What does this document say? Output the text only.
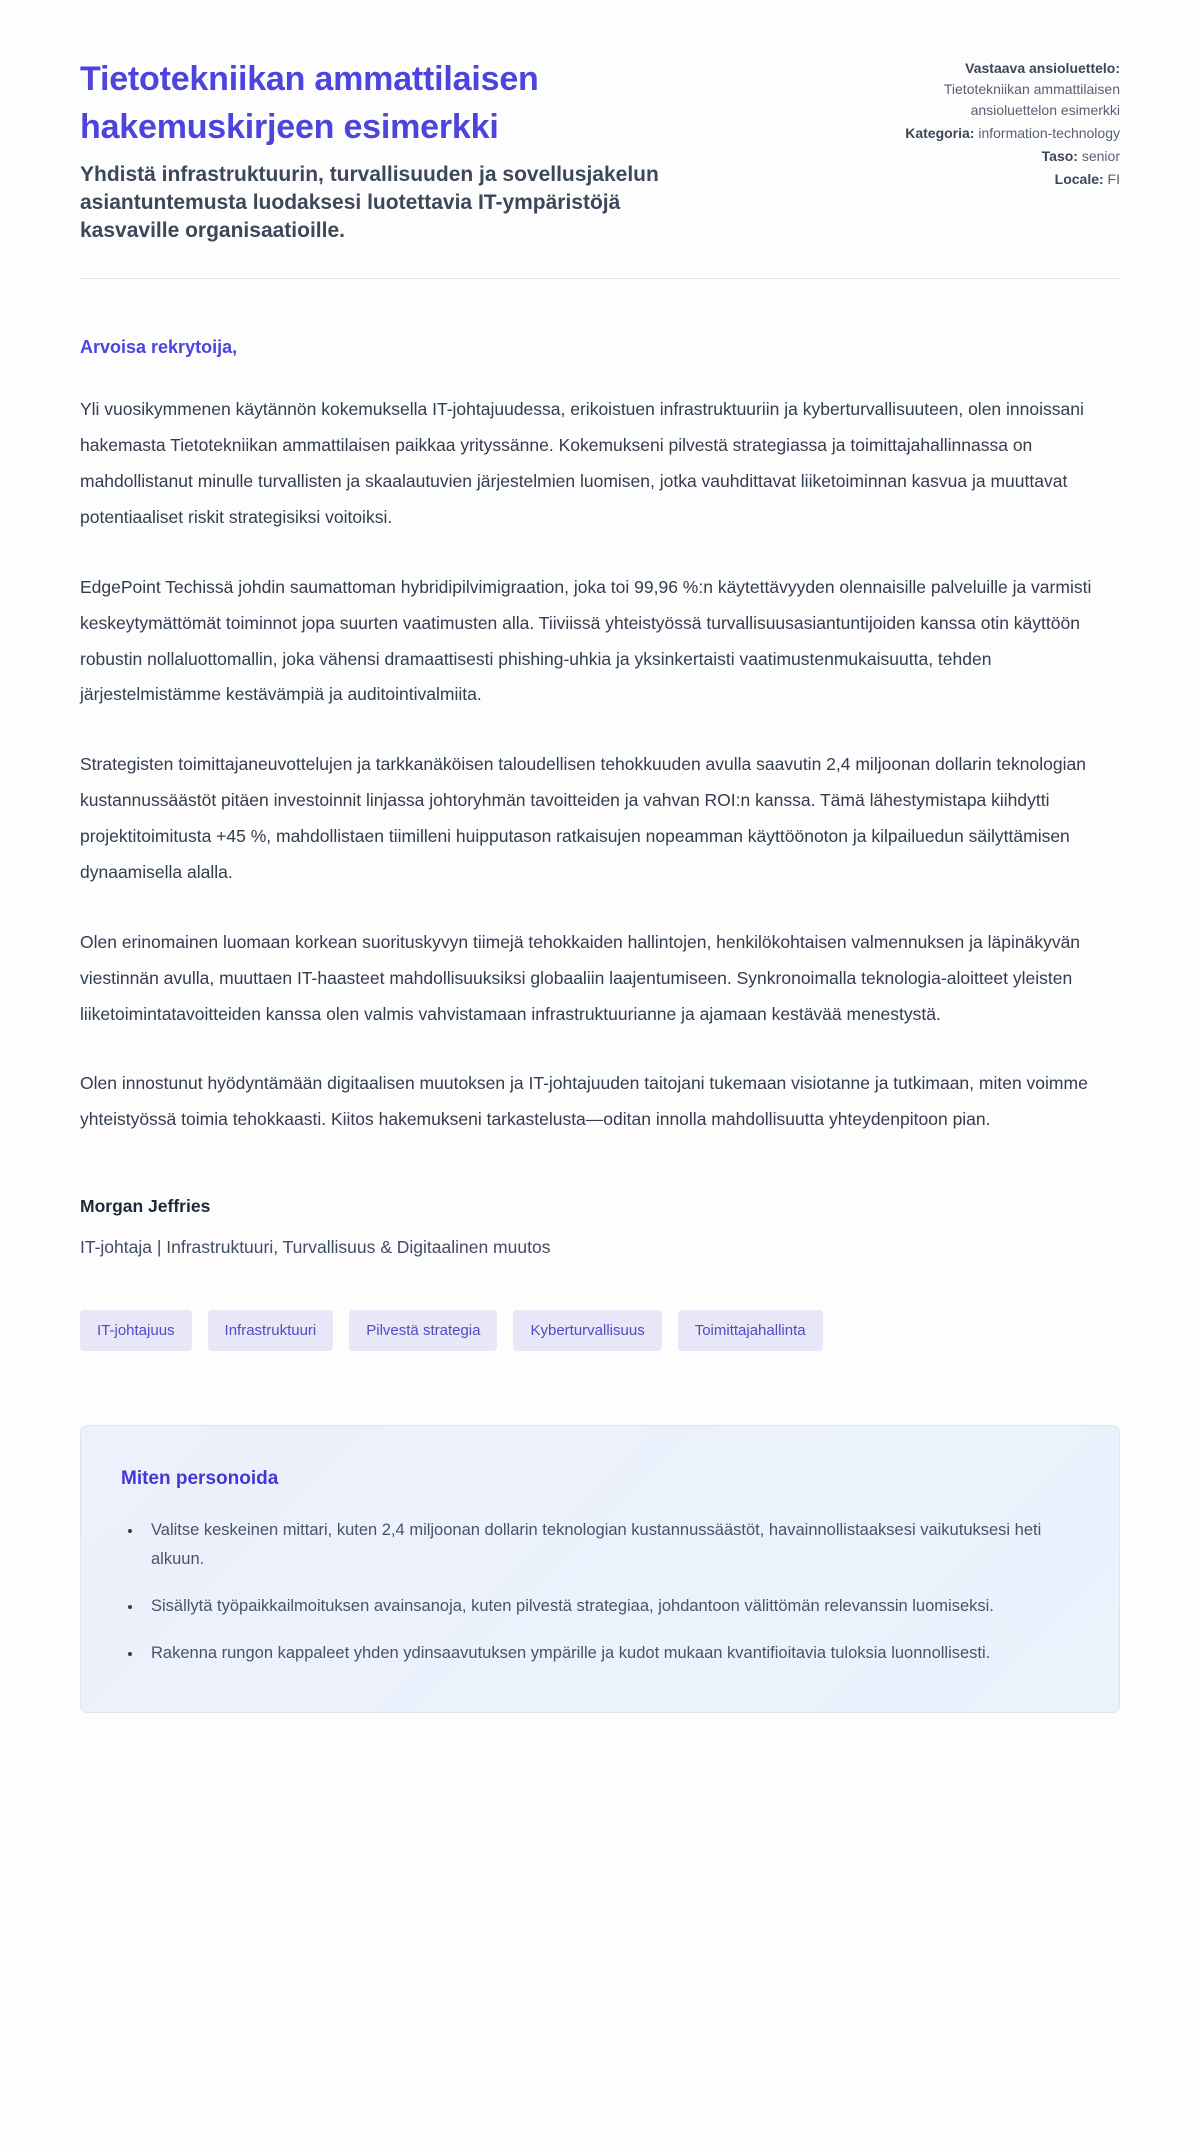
Tietotekniikan ammattilaisen hakemuskirjeen esimerkki
Yhdistä infrastruktuurin, turvallisuuden ja sovellusjakelun asiantuntemusta luodaksesi luotettavia IT-ympäristöjä kasvaville organisaatioille.
Vastaava ansioluettelo: Tietotekniikan ammattilaisen ansioluettelon esimerkki
Kategoria: information-technology
Taso: senior
Locale: FI
Arvoisa rekrytoija,

Yli vuosikymmenen käytännön kokemuksella IT-johtajuudessa, erikoistuen infrastruktuuriin ja kyberturvallisuuteen, olen innoissani hakemasta Tietotekniikan ammattilaisen paikkaa yrityssänne. Kokemukseni pilvestä strategiassa ja toimittajahallinnassa on mahdollistanut minulle turvallisten ja skaalautuvien järjestelmien luomisen, jotka vauhdittavat liiketoiminnan kasvua ja muuttavat potentiaaliset riskit strategisiksi voitoiksi.

EdgePoint Techissä johdin saumattoman hybridipilvimigraation, joka toi 99,96 %:n käytettävyyden olennaisille palveluille ja varmisti keskeytymättömät toiminnot jopa suurten vaatimusten alla. Tiiviissä yhteistyössä turvallisuusasiantuntijoiden kanssa otin käyttöön robustin nollaluottomallin, joka vähensi dramaattisesti phishing-uhkia ja yksinkertaisti vaatimustenmukaisuutta, tehden järjestelmistämme kestävämpiä ja auditointivalmiita.

Strategisten toimittajaneuvottelujen ja tarkkanäköisen taloudellisen tehokkuuden avulla saavutin 2,4 miljoonan dollarin teknologian kustannussäästöt pitäen investoinnit linjassa johtoryhmän tavoitteiden ja vahvan ROI:n kanssa. Tämä lähestymistapa kiihdytti projektitoimitusta +45 %, mahdollistaen tiimilleni huipputason ratkaisujen nopeamman käyttöönoton ja kilpailuedun säilyttämisen dynaamisella alalla.

Olen erinomainen luomaan korkean suorituskyvyn tiimejä tehokkaiden hallintojen, henkilökohtaisen valmennuksen ja läpinäkyvän viestinnän avulla, muuttaen IT-haasteet mahdollisuuksiksi globaaliin laajentumiseen. Synkronoimalla teknologia-aloitteet yleisten liiketoimintatavoitteiden kanssa olen valmis vahvistamaan infrastruktuurianne ja ajamaan kestävää menestystä.

Olen innostunut hyödyntämään digitaalisen muutoksen ja IT-johtajuuden taitojani tukemaan visiotanne ja tutkimaan, miten voimme yhteistyössä toimia tehokkaasti. Kiitos hakemukseni tarkastelusta—oditan innolla mahdollisuutta yhteydenpitoon pian.

Morgan Jeffries
IT-johtaja | Infrastruktuuri, Turvallisuus & Digitaalinen muutos
IT-johtajuus	Infrastruktuuri	Pilvestä strategia	Kyberturvallisuus	Toimittajahallinta
Miten personoida
• Valitse keskeinen mittari, kuten 2,4 miljoonan dollarin teknologian kustannussäästöt, havainnollistaaksesi vaikutuksesi heti alkuun.
• Sisällytä työpaikkailmoituksen avainsanoja, kuten pilvestä strategiaa, johdantoon välittömän relevanssin luomiseksi.
• Rakenna rungon kappaleet yhden ydinsaavutuksen ympärille ja kudot mukaan kvantifioitavia tuloksia luonnollisesti.
